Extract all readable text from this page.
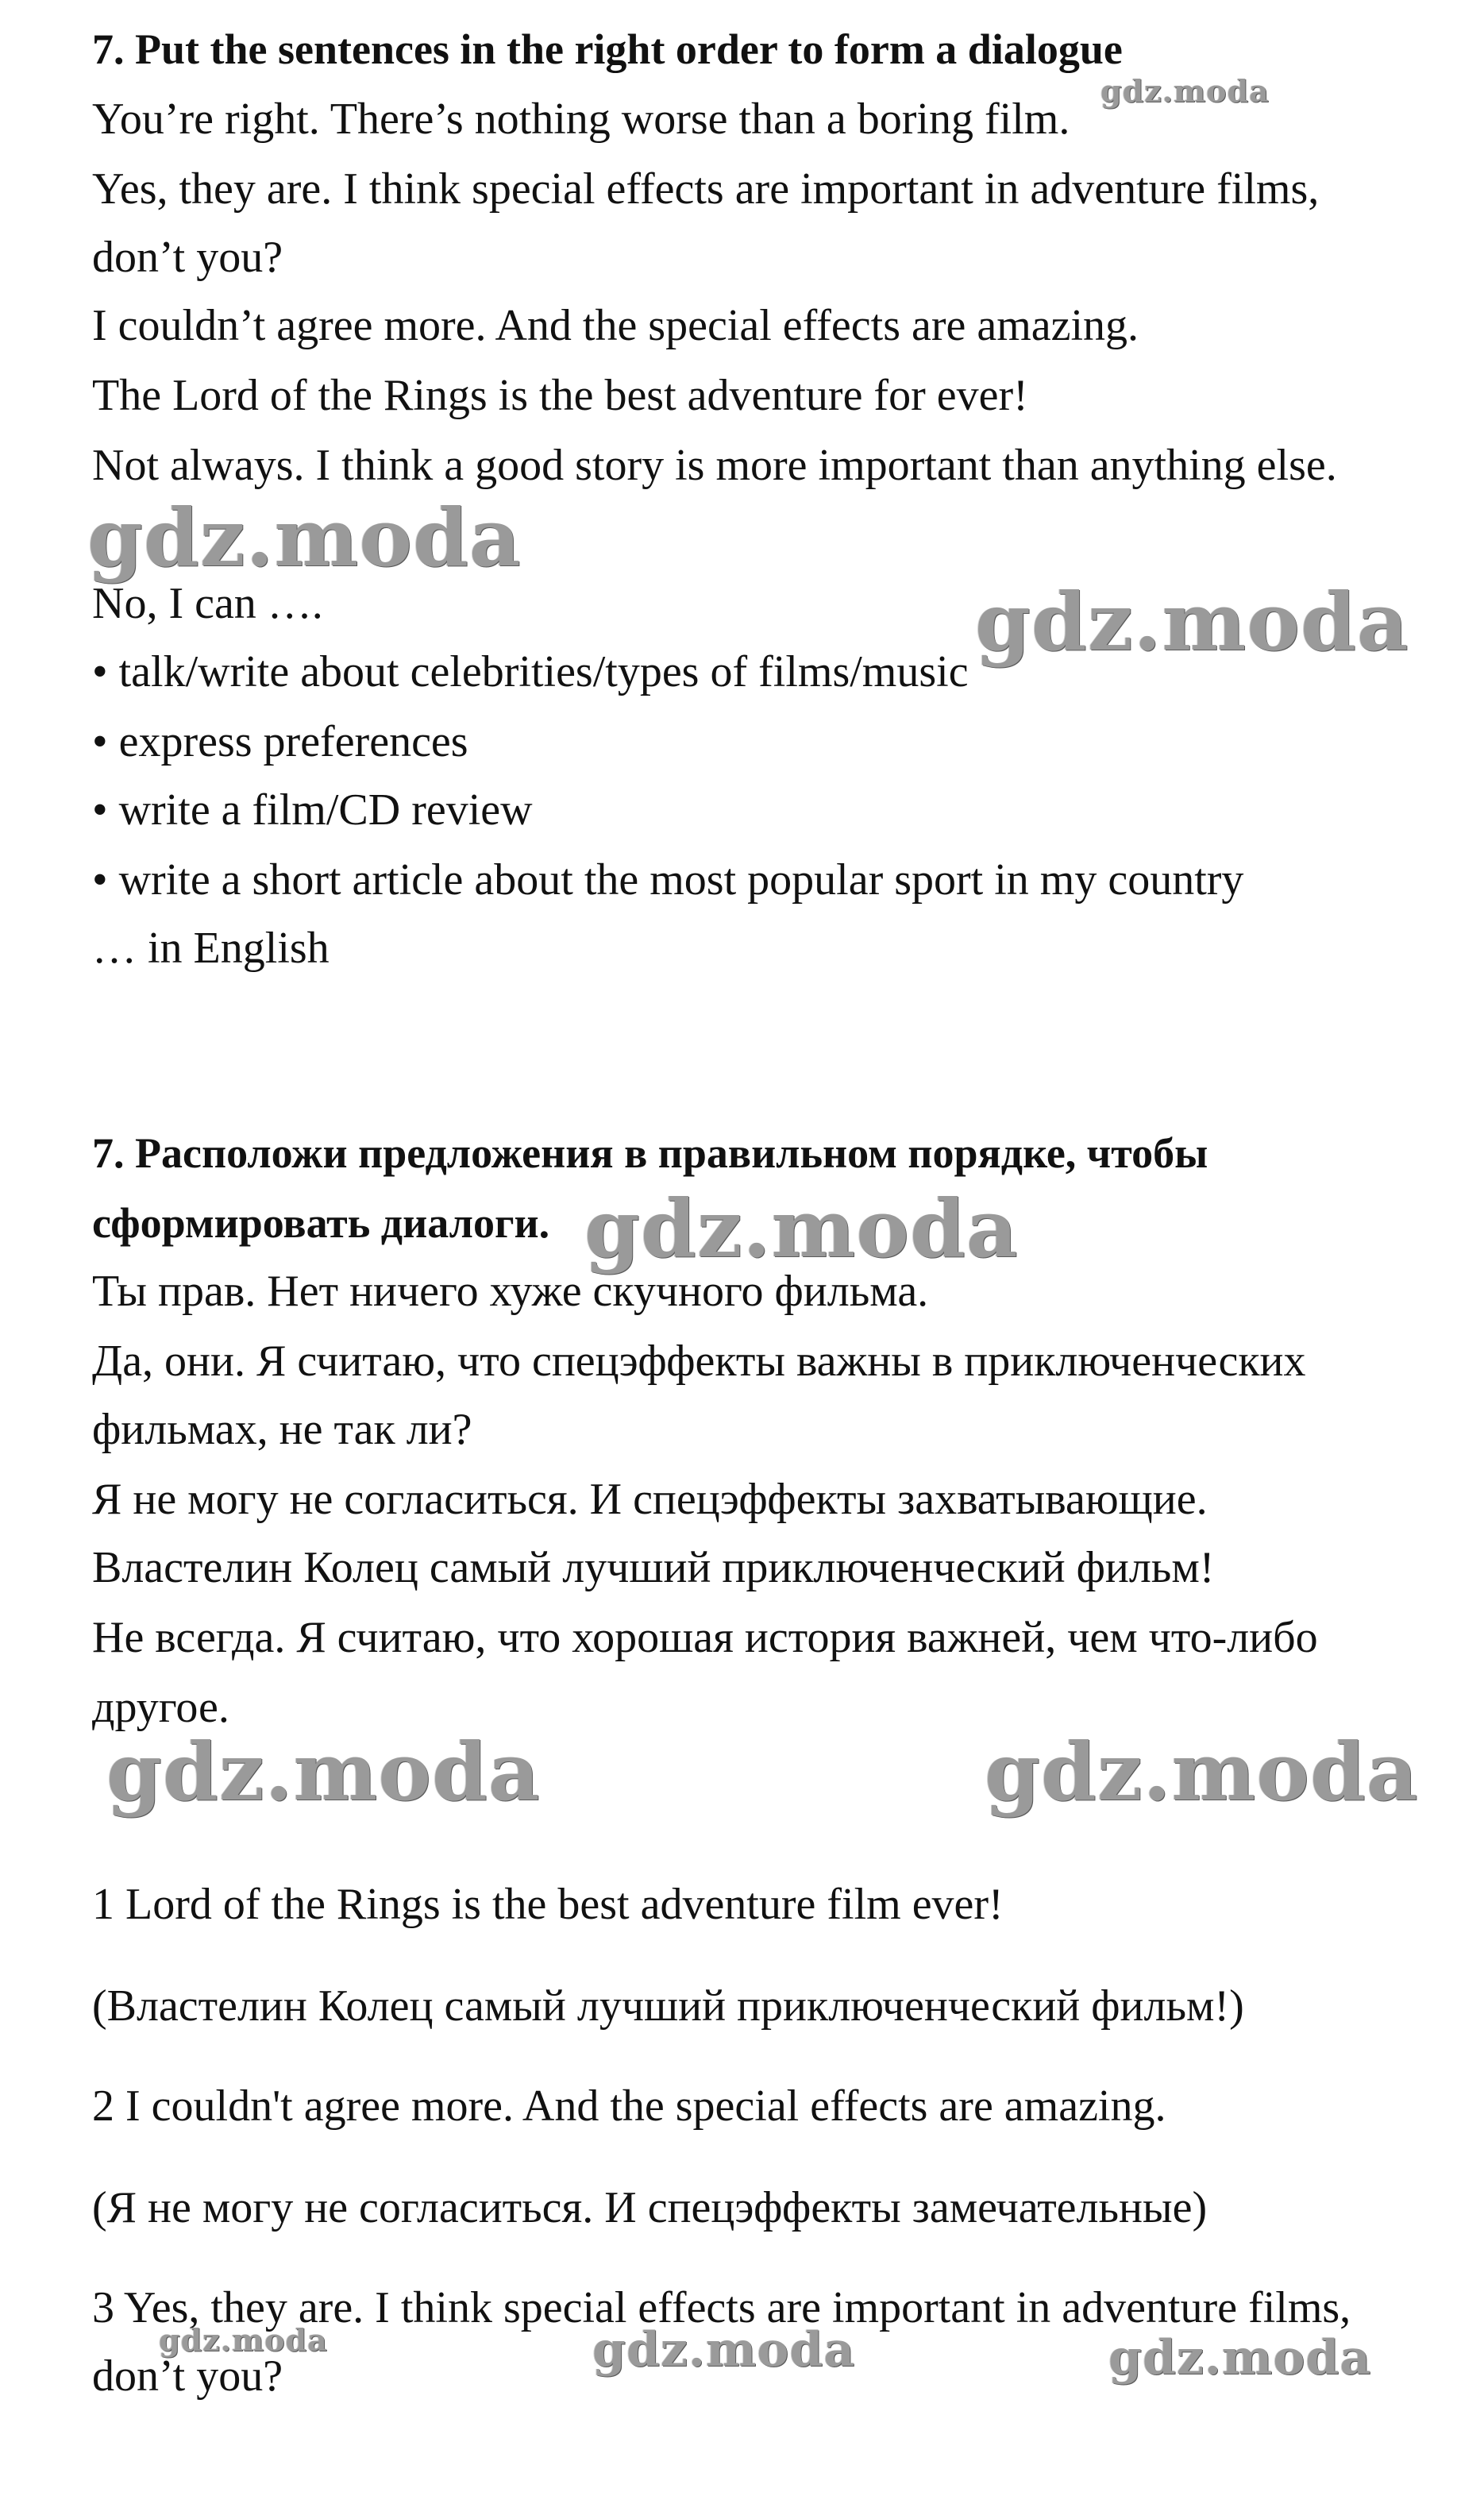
7. Put the sentences in the right order to form a dialogue
You’re right. There’s nothing worse than a boring film.
Yes, they are. I think special effects are important in adventure films,
don’t you?
I couldn’t agree more. And the special effects are amazing.
The Lord of the Rings is the best adventure for ever!
Not always. I think a good story is more important than anything else.
No, I can ….
• talk/write about celebrities/types of films/music
• express preferences
• write a film/CD review
• write a short article about the most popular sport in my country
… in English
7. Расположи предложения в правильном порядке, чтобы
сформировать диалоги.
Ты прав. Нет ничего хуже скучного фильма.
Да, они. Я считаю, что спецэффекты важны в приключенческих
фильмах, не так ли?
Я не могу не согласиться. И спецэффекты захватывающие.
Властелин Колец самый лучший приключенческий фильм!
Не всегда. Я считаю, что хорошая история важней, чем что-либо
другое.
1 Lord of the Rings is the best adventure film ever!
(Властелин Колец самый лучший приключенческий фильм!)
2 I couldn't agree more. And the special effects are amazing.
(Я не могу не согласиться. И спецэффекты замечательные)
3 Yes, they are. I think special effects are important in adventure films,
don’t you?
gdz.moda
gdz.moda
gdz.moda
gdz.moda
gdz.moda	gdz.moda
gdz.moda	gdz.moda	gdz.moda
